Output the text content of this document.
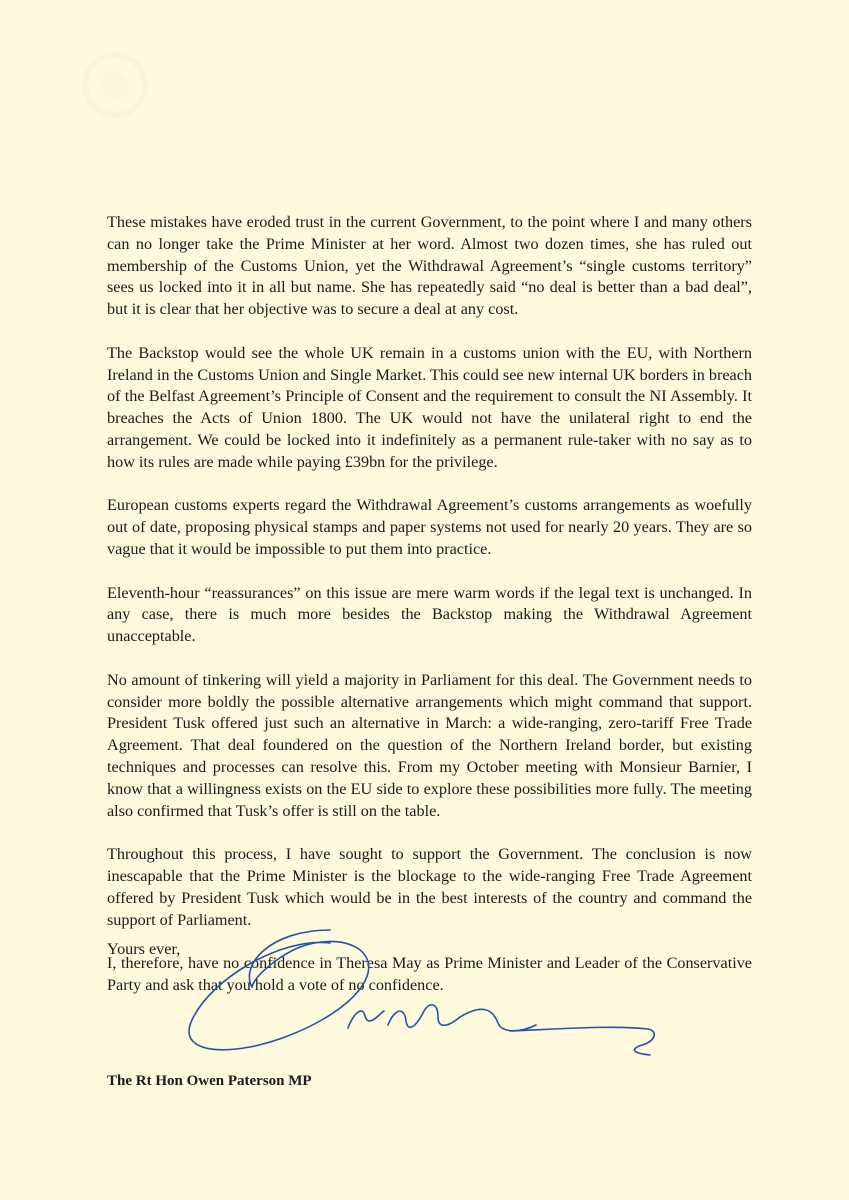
These mistakes have eroded trust in the current Government, to the point where I and many others can no longer take the Prime Minister at her word. Almost two dozen times, she has ruled out membership of the Customs Union, yet the Withdrawal Agreement’s “single customs territory” sees us locked into it in all but name. She has repeatedly said “no deal is better than a bad deal”, but it is clear that her objective was to secure a deal at any cost.

The Backstop would see the whole UK remain in a customs union with the EU, with Northern Ireland in the Customs Union and Single Market. This could see new internal UK borders in breach of the Belfast Agreement’s Principle of Consent and the requirement to consult the NI Assembly. It breaches the Acts of Union 1800. The UK would not have the unilateral right to end the arrangement. We could be locked into it indefinitely as a permanent rule-taker with no say as to how its rules are made while paying £39bn for the privilege.

European customs experts regard the Withdrawal Agreement’s customs arrangements as woefully out of date, proposing physical stamps and paper systems not used for nearly 20 years. They are so vague that it would be impossible to put them into practice.

Eleventh-hour “reassurances” on this issue are mere warm words if the legal text is unchanged. In any case, there is much more besides the Backstop making the Withdrawal Agreement unacceptable.

No amount of tinkering will yield a majority in Parliament for this deal. The Government needs to consider more boldly the possible alternative arrangements which might command that support. President Tusk offered just such an alternative in March: a wide-ranging, zero-tariff Free Trade Agreement. That deal foundered on the question of the Northern Ireland border, but existing techniques and processes can resolve this. From my October meeting with Monsieur Barnier, I know that a willingness exists on the EU side to explore these possibilities more fully. The meeting also confirmed that Tusk’s offer is still on the table.

Throughout this process, I have sought to support the Government. The conclusion is now inescapable that the Prime Minister is the blockage to the wide-ranging Free Trade Agreement offered by President Tusk which would be in the best interests of the country and command the support of Parliament.

I, therefore, have no confidence in Theresa May as Prime Minister and Leader of the Conservative Party and ask that you hold a vote of no confidence.

Yours ever,

The Rt Hon Owen Paterson MP
